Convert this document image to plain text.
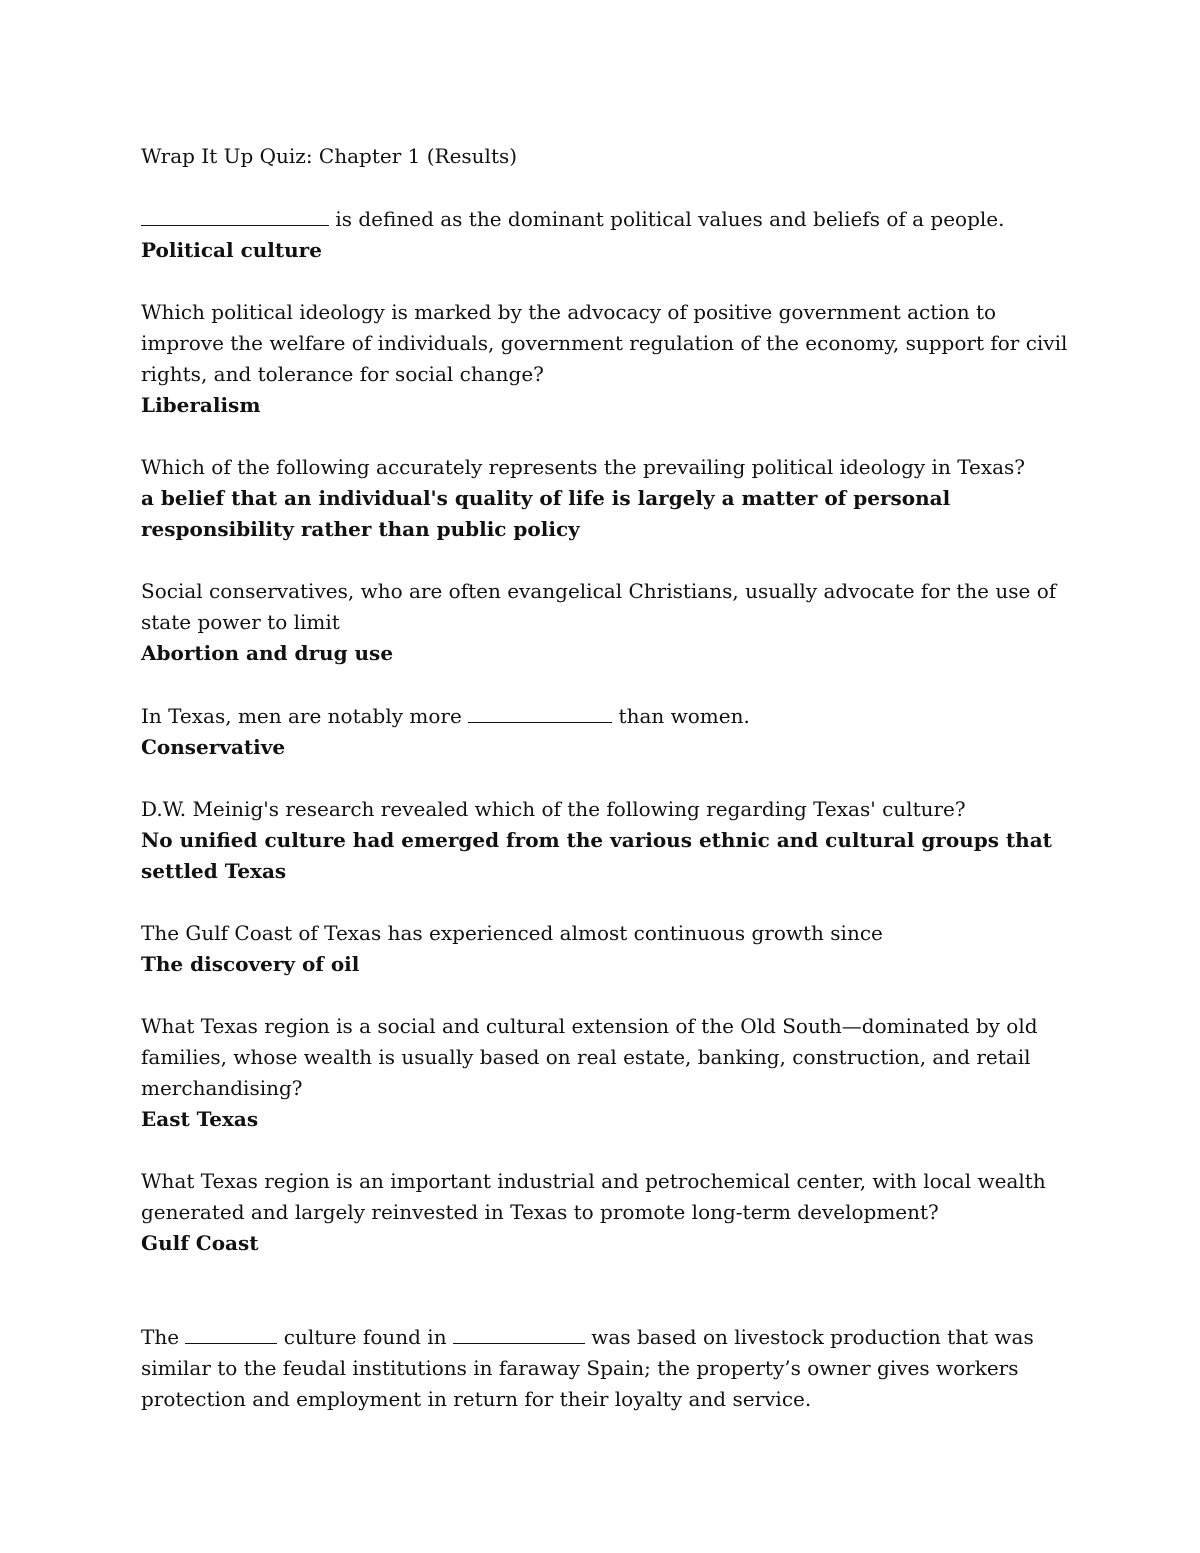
Wrap It Up Quiz: Chapter 1 (Results)

is defined as the dominant political values and beliefs of a people.

Political culture

Which political ideology is marked by the advocacy of positive government action to improve the welfare of individuals, government regulation of the economy, support for civil rights, and tolerance for social change?

Liberalism

Which of the following accurately represents the prevailing political ideology in Texas?

a belief that an individual's quality of life is largely a matter of personal responsibility rather than public policy

Social conservatives, who are often evangelical Christians, usually advocate for the use of state power to limit

Abortion and drug use

In Texas, men are notably more	than women.

Conservative

D.W. Meinig's research revealed which of the following regarding Texas' culture?

No unified culture had emerged from the various ethnic and cultural groups that settled Texas

The Gulf Coast of Texas has experienced almost continuous growth since

The discovery of oil

What Texas region is a social and cultural extension of the Old South—dominated by old families, whose wealth is usually based on real estate, banking, construction, and retail merchandising?

East Texas

What Texas region is an important industrial and petrochemical center, with local wealth generated and largely reinvested in Texas to promote long-term development?

Gulf Coast

The	culture found in	was based on livestock production that was similar to the feudal institutions in faraway Spain; the property’s owner gives workers protection and employment in return for their loyalty and service.
